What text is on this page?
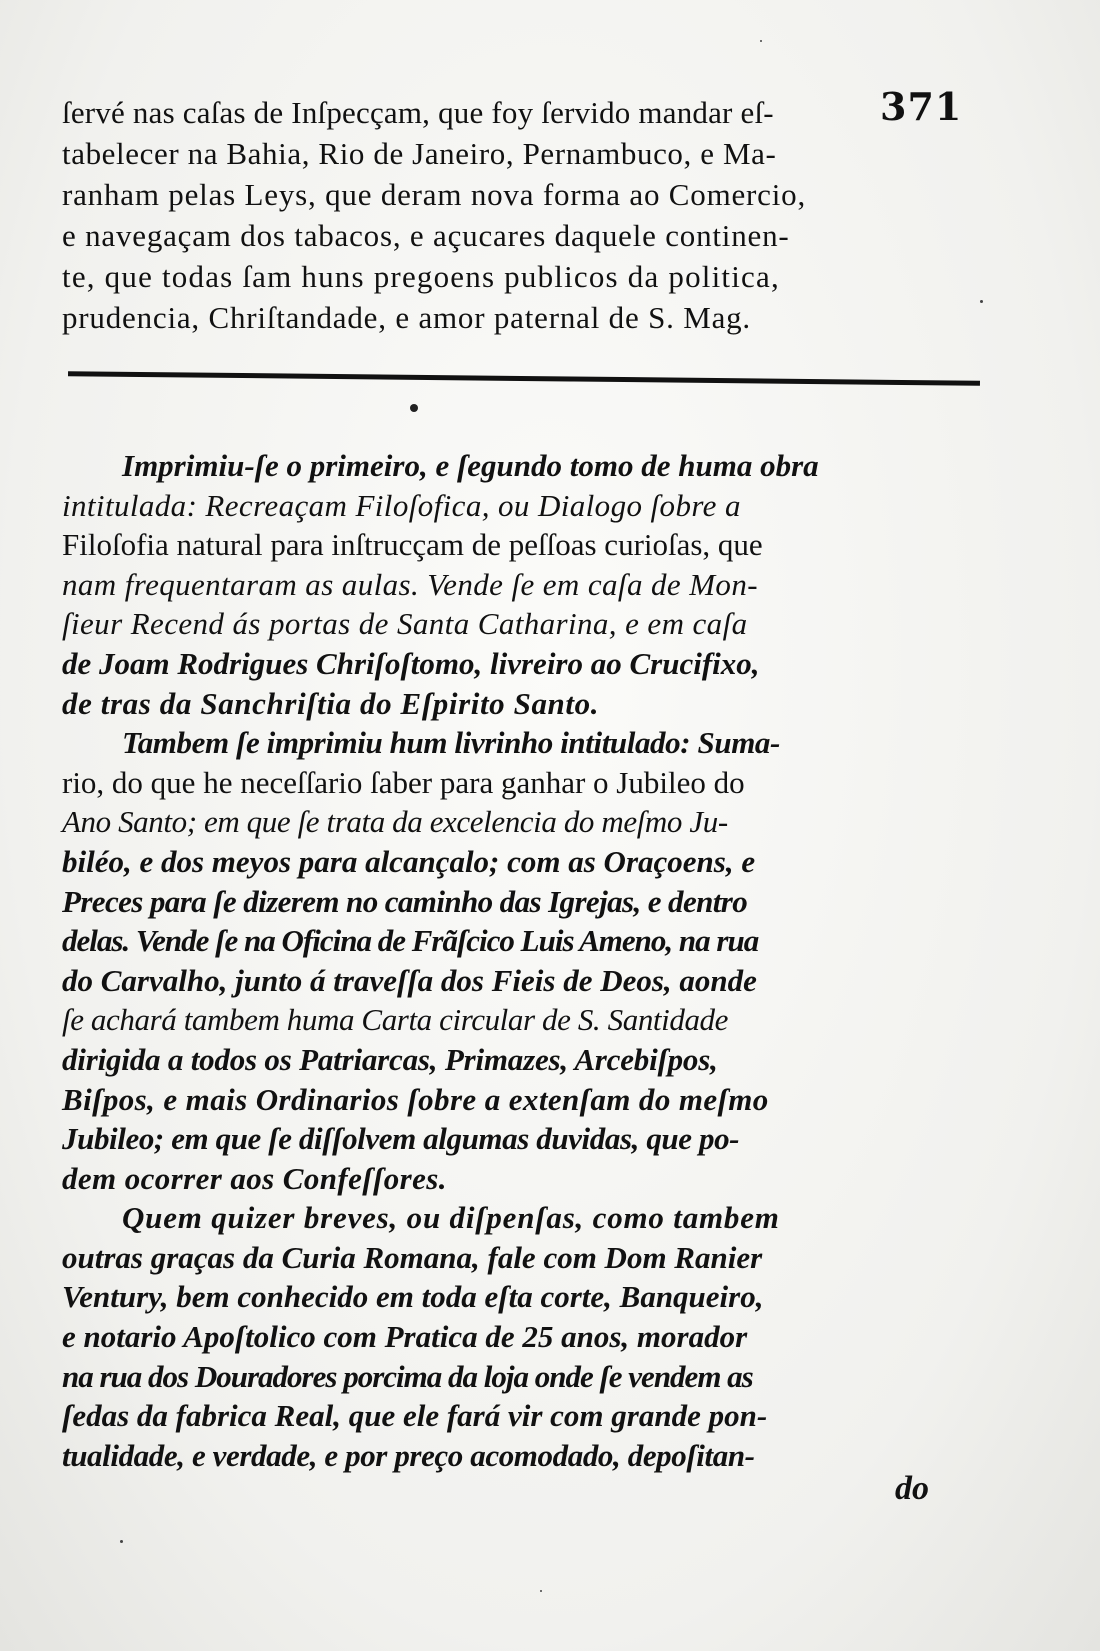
371
ſervé nas caſas de Inſpecçam, que foy ſervido mandar eſ-
tabelecer na Bahia, Rio de Janeiro, Pernambuco, e Ma-
ranham pelas Leys, que deram nova forma ao Comercio,
e navegaçam dos tabacos, e açucares daquele continen-
te, que todas ſam huns pregoens publicos da politica,
prudencia, Chriſtandade, e amor paternal de S. Mag.
Imprimiu-ſe o primeiro, e ſegundo tomo de huma obra
intitulada: Recreaçam Filoſofica, ou Dialogo ſobre a
Filoſofia natural para inſtrucçam de peſſoas curioſas, que
nam frequentaram as aulas. Vende ſe em caſa de Mon-
ſieur Recend ás portas de Santa Catharina, e em caſa
de Joam Rodrigues Chriſoſtomo, livreiro ao Crucifixo,
de tras da Sanchriſtia do Eſpirito Santo.
Tambem ſe imprimiu hum livrinho intitulado: Suma-
rio, do que he neceſſario ſaber para ganhar o Jubileo do
Ano Santo; em que ſe trata da excelencia do meſmo Ju-
biléo, e dos meyos para alcançalo; com as Oraçoens, e
Preces para ſe dizerem no caminho das Igrejas, e dentro
delas. Vende ſe na Oficina de Frãſcico Luis Ameno, na rua
do Carvalho, junto á traveſſa dos Fieis de Deos, aonde
ſe achará tambem huma Carta circular de S. Santidade
dirigida a todos os Patriarcas, Primazes, Arcebiſpos,
Biſpos, e mais Ordinarios ſobre a extenſam do meſmo
Jubileo; em que ſe diſſolvem algumas duvidas, que po-
dem ocorrer aos Confeſſores.
Quem quizer breves, ou diſpenſas, como tambem
outras graças da Curia Romana, fale com Dom Ranier
Ventury, bem conhecido em toda eſta corte, Banqueiro,
e notario Apoſtolico com Pratica de 25 anos, morador
na rua dos Douradores porcima da loja onde ſe vendem as
ſedas da fabrica Real, que ele fará vir com grande pon-
tualidade, e verdade, e por preço acomodado, depoſitan-
do
